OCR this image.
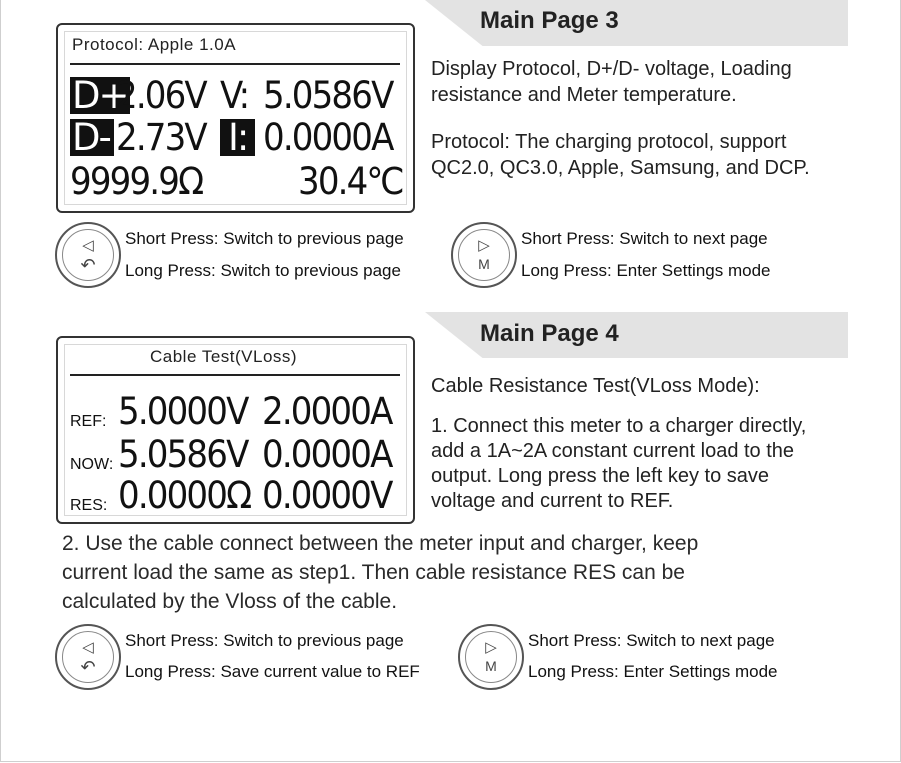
Main Page 3
Protocol: Apple 1.0A
D+
2.06V V: 5.0586V
D- 2.73V I: 0.0000A
9999.9Ω	30.4℃
Display Protocol, D+/D- voltage, Loading
resistance and Meter temperature.
Protocol: The charging protocol, support
QC2.0, QC3.0, Apple, Samsung, and DCP.
◁
↶
Short Press: Switch to previous page
Long Press: Switch to previous page
▷
M
Short Press: Switch to next page
Long Press: Enter Settings mode
Main Page 4
Cable Test(VLoss)
REF: 5.0000V 2.0000A
NOW: 5.0586V 0.0000A
RES: 0.0000Ω 0.0000V
Cable Resistance Test(VLoss Mode):
1. Connect this meter to a charger directly,
add a 1A~2A constant current load to the
output. Long press the left key to save
voltage and current to REF.
2. Use the cable connect between the meter input and charger, keep
current load the same as step1. Then cable resistance RES can be
calculated by the Vloss of the cable.
◁
↶
Short Press: Switch to previous page
Long Press: Save current value to REF
▷
M
Short Press: Switch to next page
Long Press: Enter Settings mode
